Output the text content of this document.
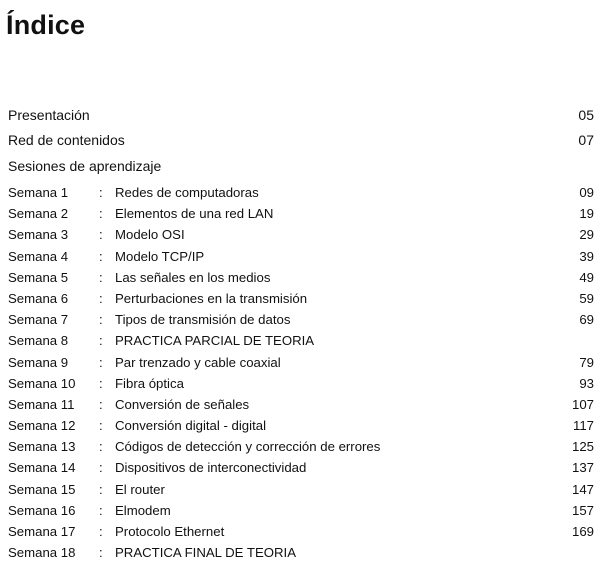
Índice
Presentación	05
Red de contenidos	07
Sesiones de aprendizaje
Semana 1 : Redes de computadoras	09
Semana 2 : Elementos de una red LAN	19
Semana 3 : Modelo OSI	29
Semana 4 : Modelo TCP/IP	39
Semana 5 : Las señales en los medios	49
Semana 6 : Perturbaciones en la transmisión	59
Semana 7 : Tipos de transmisión de datos	69
Semana 8 : PRACTICA PARCIAL DE TEORIA
Semana 9 : Par trenzado y cable coaxial	79
Semana 10 : Fibra óptica	93
Semana 11 : Conversión de señales	107
Semana 12 : Conversión digital - digital	117
Semana 13 : Códigos de detección y corrección de errores	125
Semana 14 : Dispositivos de interconectividad	137
Semana 15 : El router	147
Semana 16 : Elmodem	157
Semana 17 : Protocolo Ethernet	169
Semana 18 : PRACTICA FINAL DE TEORIA
